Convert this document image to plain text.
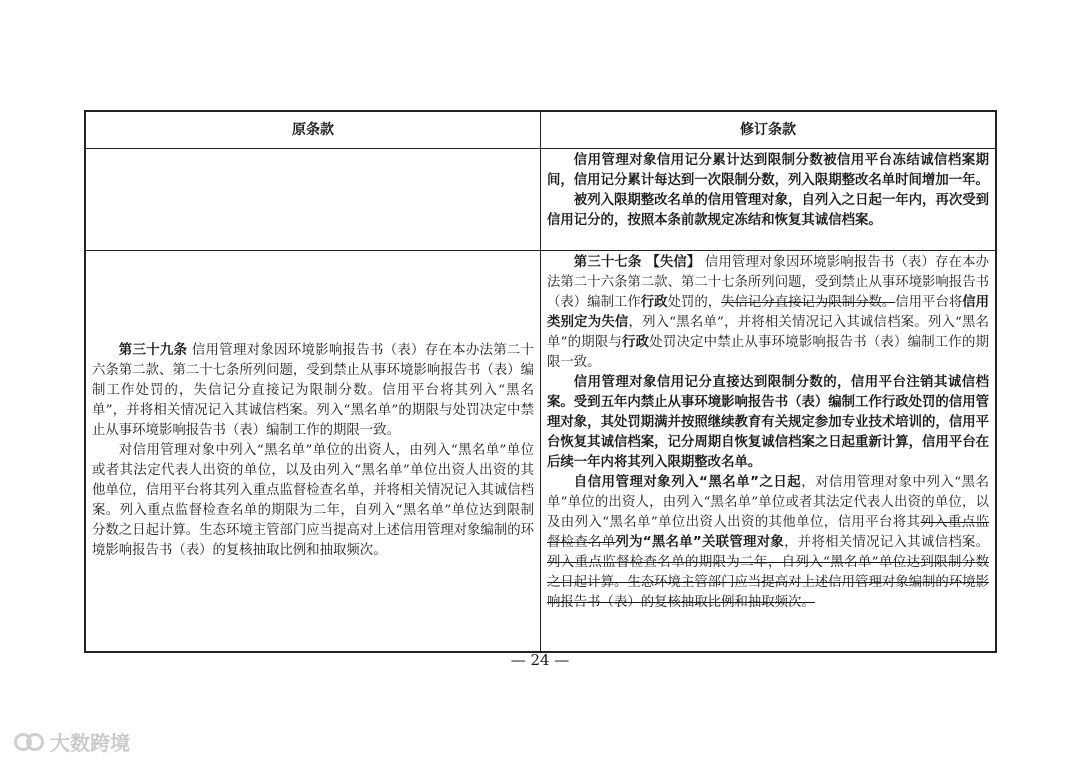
原条款	修订条款

信用管理对象信用记分累计达到限制分数被信用平台冻结诚信档案期间，信用记分累计每达到一次限制分数，列入限期整改名单时间增加一年。

被列入限期整改名单的信用管理对象，自列入之日起一年内，再次受到信用记分的，按照本条前款规定冻结和恢复其诚信档案。

第三十九条 信用管理对象因环境影响报告书（表）存在本办法第二十六条第二款、第二十七条所列问题，受到禁止从事环境影响报告书（表）编制工作处罚的，失信记分直接记为限制分数。信用平台将其列入“黑名单”，并将相关情况记入其诚信档案。列入“黑名单”的期限与处罚决定中禁止从事环境影响报告书（表）编制工作的期限一致。

对信用管理对象中列入“黑名单”单位的出资人，由列入“黑名单”单位或者其法定代表人出资的单位，以及由列入“黑名单”单位出资人出资的其他单位，信用平台将其列入重点监督检查名单，并将相关情况记入其诚信档案。列入重点监督检查名单的期限为二年，自列入“黑名单”单位达到限制分数之日起计算。生态环境主管部门应当提高对上述信用管理对象编制的环境影响报告书（表）的复核抽取比例和抽取频次。

第三十七条 【失信】 信用管理对象因环境影响报告书（表）存在本办法第二十六条第二款、第二十七条所列问题，受到禁止从事环境影响报告书（表）编制工作行政处罚的，失信记分直接记为限制分数。信用平台将信用类别定为失信，列入“黑名单”，并将相关情况记入其诚信档案。列入“黑名单”的期限与行政处罚决定中禁止从事环境影响报告书（表）编制工作的期限一致。

信用管理对象信用记分直接达到限制分数的，信用平台注销其诚信档案。受到五年内禁止从事环境影响报告书（表）编制工作行政处罚的信用管理对象，其处罚期满并按照继续教育有关规定参加专业技术培训的，信用平台恢复其诚信档案，记分周期自恢复诚信档案之日起重新计算，信用平台在后续一年内将其列入限期整改名单。

自信用管理对象列入“黑名单”之日起，对信用管理对象中列入“黑名单”单位的出资人，由列入“黑名单”单位或者其法定代表人出资的单位，以及由列入“黑名单”单位出资人出资的其他单位，信用平台将其列入重点监督检查名单列为“黑名单”关联管理对象，并将相关情况记入其诚信档案。列入重点监督检查名单的期限为二年，自列入“黑名单”单位达到限制分数之日起计算。生态环境主管部门应当提高对上述信用管理对象编制的环境影响报告书（表）的复核抽取比例和抽取频次。

— 24 —
大数跨境
